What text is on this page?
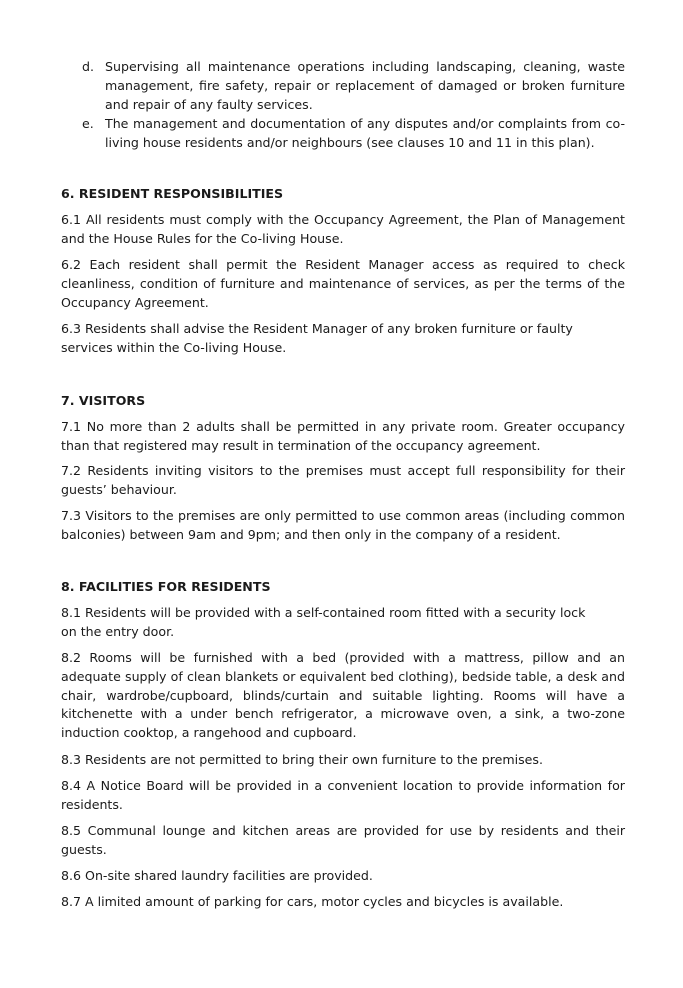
d. Supervising all maintenance operations including landscaping, cleaning, waste management, fire safety, repair or replacement of damaged or broken furniture and repair of any faulty services.

e. The management and documentation of any disputes and/or complaints from co-living house residents and/or neighbours (see clauses 10 and 11 in this plan).

6. RESIDENT RESPONSIBILITIES

6.1 All residents must comply with the Occupancy Agreement, the Plan of Management and the House Rules for the Co-living House.

6.2 Each resident shall permit the Resident Manager access as required to check cleanliness, condition of furniture and maintenance of services, as per the terms of the Occupancy Agreement.

6.3 Residents shall advise the Resident Manager of any broken furniture or faulty services within the Co-living House.

7. VISITORS

7.1 No more than 2 adults shall be permitted in any private room. Greater occupancy than that registered may result in termination of the occupancy agreement.

7.2 Residents inviting visitors to the premises must accept full responsibility for their guests’ behaviour.

7.3 Visitors to the premises are only permitted to use common areas (including common balconies) between 9am and 9pm; and then only in the company of a resident.

8. FACILITIES FOR RESIDENTS

8.1 Residents will be provided with a self-contained room fitted with a security lock on the entry door.

8.2 Rooms will be furnished with a bed (provided with a mattress, pillow and an adequate supply of clean blankets or equivalent bed clothing), bedside table, a desk and chair, wardrobe/cupboard, blinds/curtain and suitable lighting. Rooms will have a kitchenette with a under bench refrigerator, a microwave oven, a sink, a two-zone induction cooktop, a rangehood and cupboard.

8.3 Residents are not permitted to bring their own furniture to the premises.

8.4 A Notice Board will be provided in a convenient location to provide information for residents.

8.5 Communal lounge and kitchen areas are provided for use by residents and their guests.

8.6 On-site shared laundry facilities are provided.

8.7 A limited amount of parking for cars, motor cycles and bicycles is available.
